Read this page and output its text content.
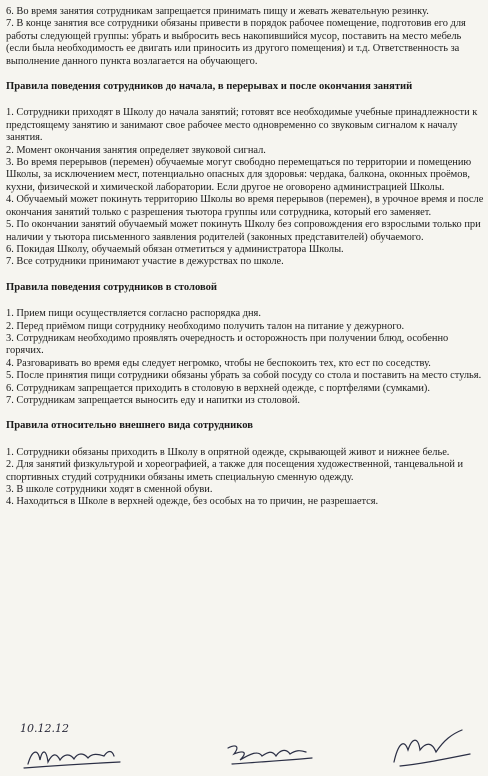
6. Во время занятия сотрудникам запрещается принимать пищу и жевать жевательную резинку.

7. В конце занятия все сотрудники обязаны привести в порядок рабочее помещение, подготовив его для работы следующей группы: убрать и выбросить весь накопившийся мусор, поставить на место мебель (если была необходимость ее двигать или приносить из другого помещения) и т.д. Ответственность за выполнение данного пункта возлагается на обучающего.

Правила поведения сотрудников до начала, в перерывах и после окончания занятий

1. Сотрудники приходят в Школу до начала занятий; готовят все необходимые учебные принадлежности к предстоящему занятию и занимают свое рабочее место одновременно со звуковым сигналом к началу занятия.

2. Момент окончания занятия определяет звуковой сигнал.

3. Во время перерывов (перемен) обучаемые могут свободно перемещаться по территории и помещению Школы, за исключением мест, потенциально опасных для здоровья: чердака, балкона, оконных проёмов, кухни, физической и химической лаборатории. Если другое не оговорено администрацией Школы.

4. Обучаемый может покинуть территорию Школы во время перерывов (перемен), в урочное время и после окончания занятий только с разрешения тьютора группы или сотрудника, который его заменяет.

5. По окончании занятий обучаемый может покинуть Школу без сопровождения его взрослыми только при наличии у тьютора письменного заявления родителей (законных представителей) обучаемого.

6. Покидая Школу, обучаемый обязан отметиться у администратора Школы.

7. Все сотрудники принимают участие в дежурствах по школе.

Правила поведения сотрудников в столовой

1. Прием пищи осуществляется согласно распорядка дня.

2. Перед приёмом пищи сотруднику необходимо получить талон на питание у дежурного.

3. Сотрудникам необходимо проявлять очередность и осторожность при получении блюд, особенно горячих.

4. Разговаривать во время еды следует негромко, чтобы не беспокоить тех, кто ест по соседству.

5. После принятия пищи сотрудники обязаны убрать за собой посуду со стола и поставить на место стулья.

6. Сотрудникам запрещается приходить в столовую в верхней одежде, с портфелями (сумками).

7. Сотрудникам запрещается выносить еду и напитки из столовой.

Правила относительно внешнего вида сотрудников

1. Сотрудники обязаны приходить в Школу в опрятной одежде, скрывающей живот и нижнее белье.

2. Для занятий физкультурой и хореографией, а также для посещения художественной, танцевальной и спортивных студий сотрудники обязаны иметь специальную сменную одежду.

3. В школе сотрудники ходят в сменной обуви.

4. Находиться в Школе в верхней одежде, без особых на то причин, не разрешается.

10.12.12
